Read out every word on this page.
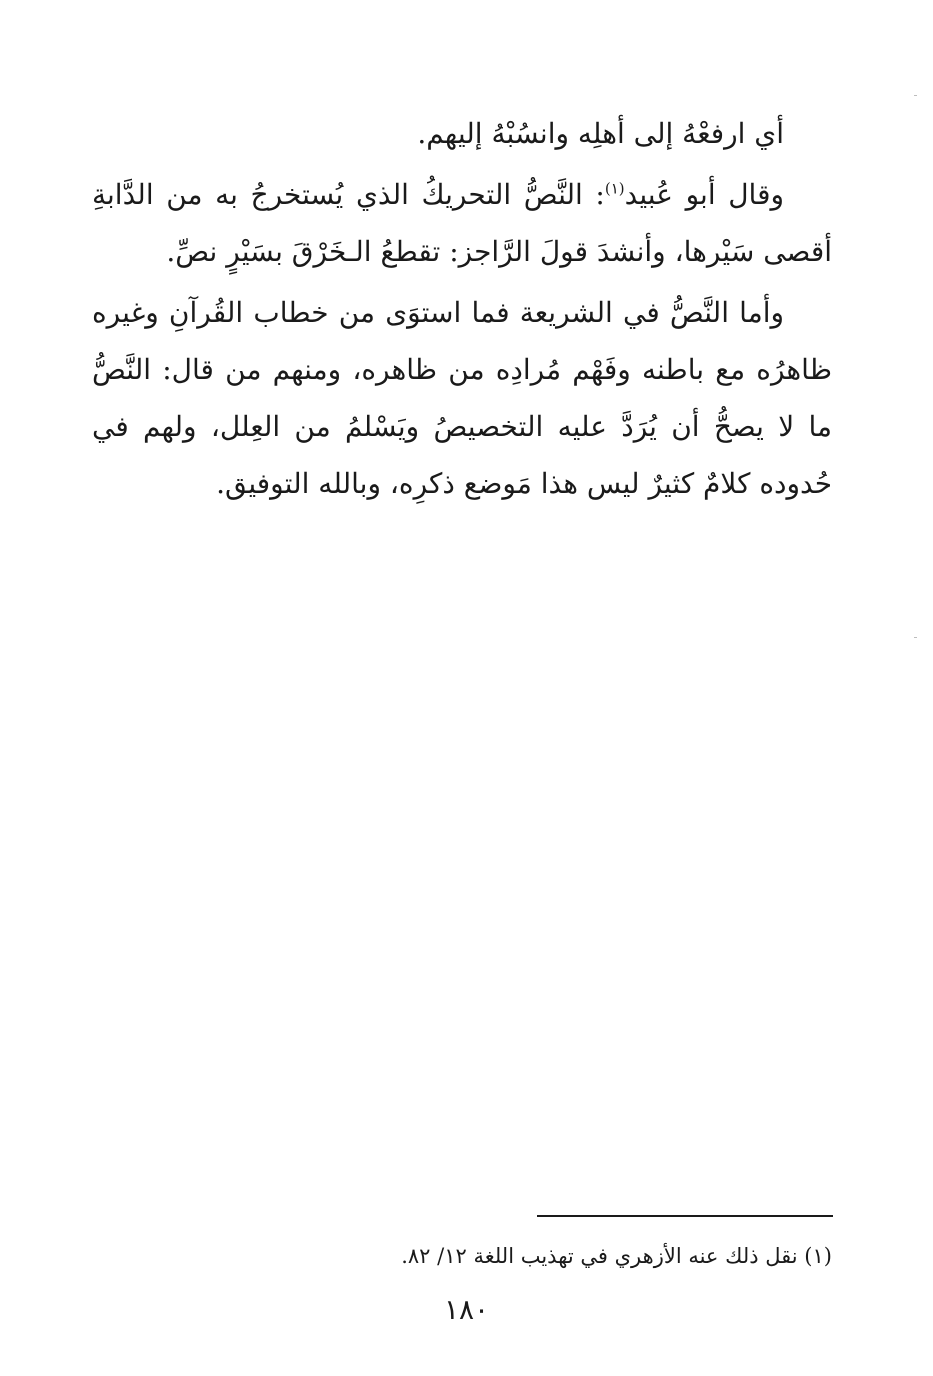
أي ارفعْهُ إلى أهلِه وانسُبْهُ إليهم.

وقال أبو عُبيد$^{(١)}$: النَّصُّ التحريكُ الذي يُستخرجُ به من الدَّابةِ أقصى سَيْرها، وأنشدَ قولَ الرَّاجز: تقطعُ الـخَرْقَ بسَيْرٍ نصِّ.

وأما النَّصُّ في الشريعة فما استوَى من خطاب القُرآنِ وغيره ظاهرُه مع باطنه وفَهْم مُرادِه من ظاهره، ومنهم من قال: النَّصُّ ما لا يصحُّ أن يُرَدَّ عليه التخصيصُ ويَسْلمُ من العِلل، ولهم في حُدوده كلامٌ كثيرٌ ليس هذا مَوضع ذكرِه، وبالله التوفيق.

(١) نقل ذلك عنه الأزهري في تهذيب اللغة ١٢/ ٨٢.
١٨٠
